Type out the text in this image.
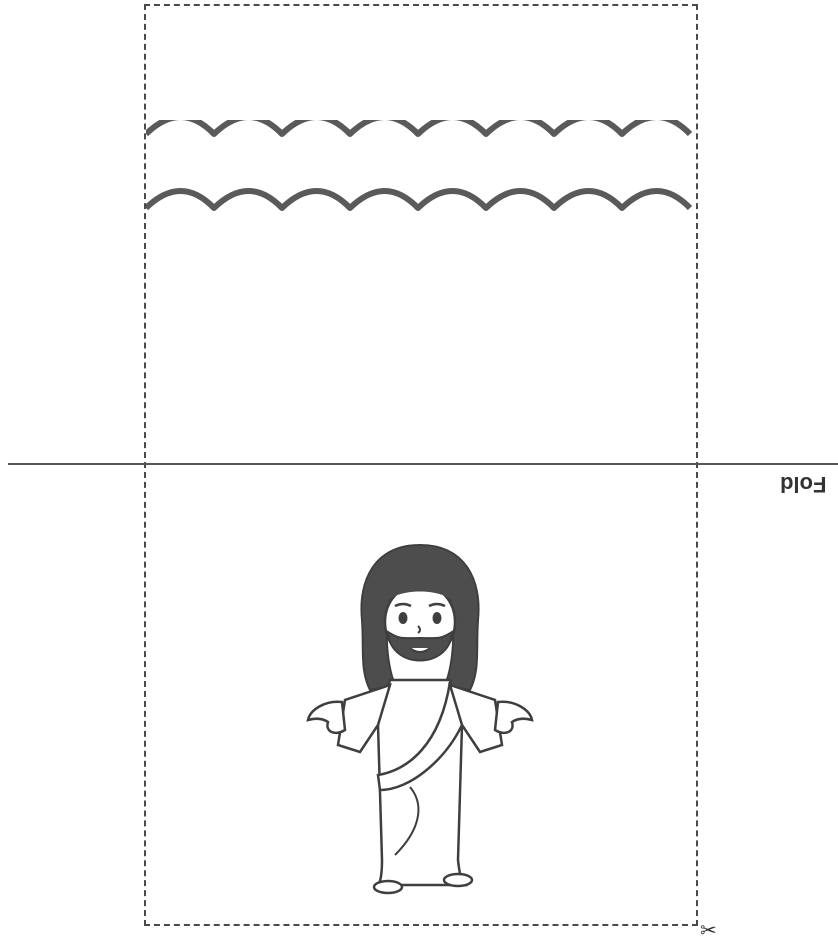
Fold
✂
